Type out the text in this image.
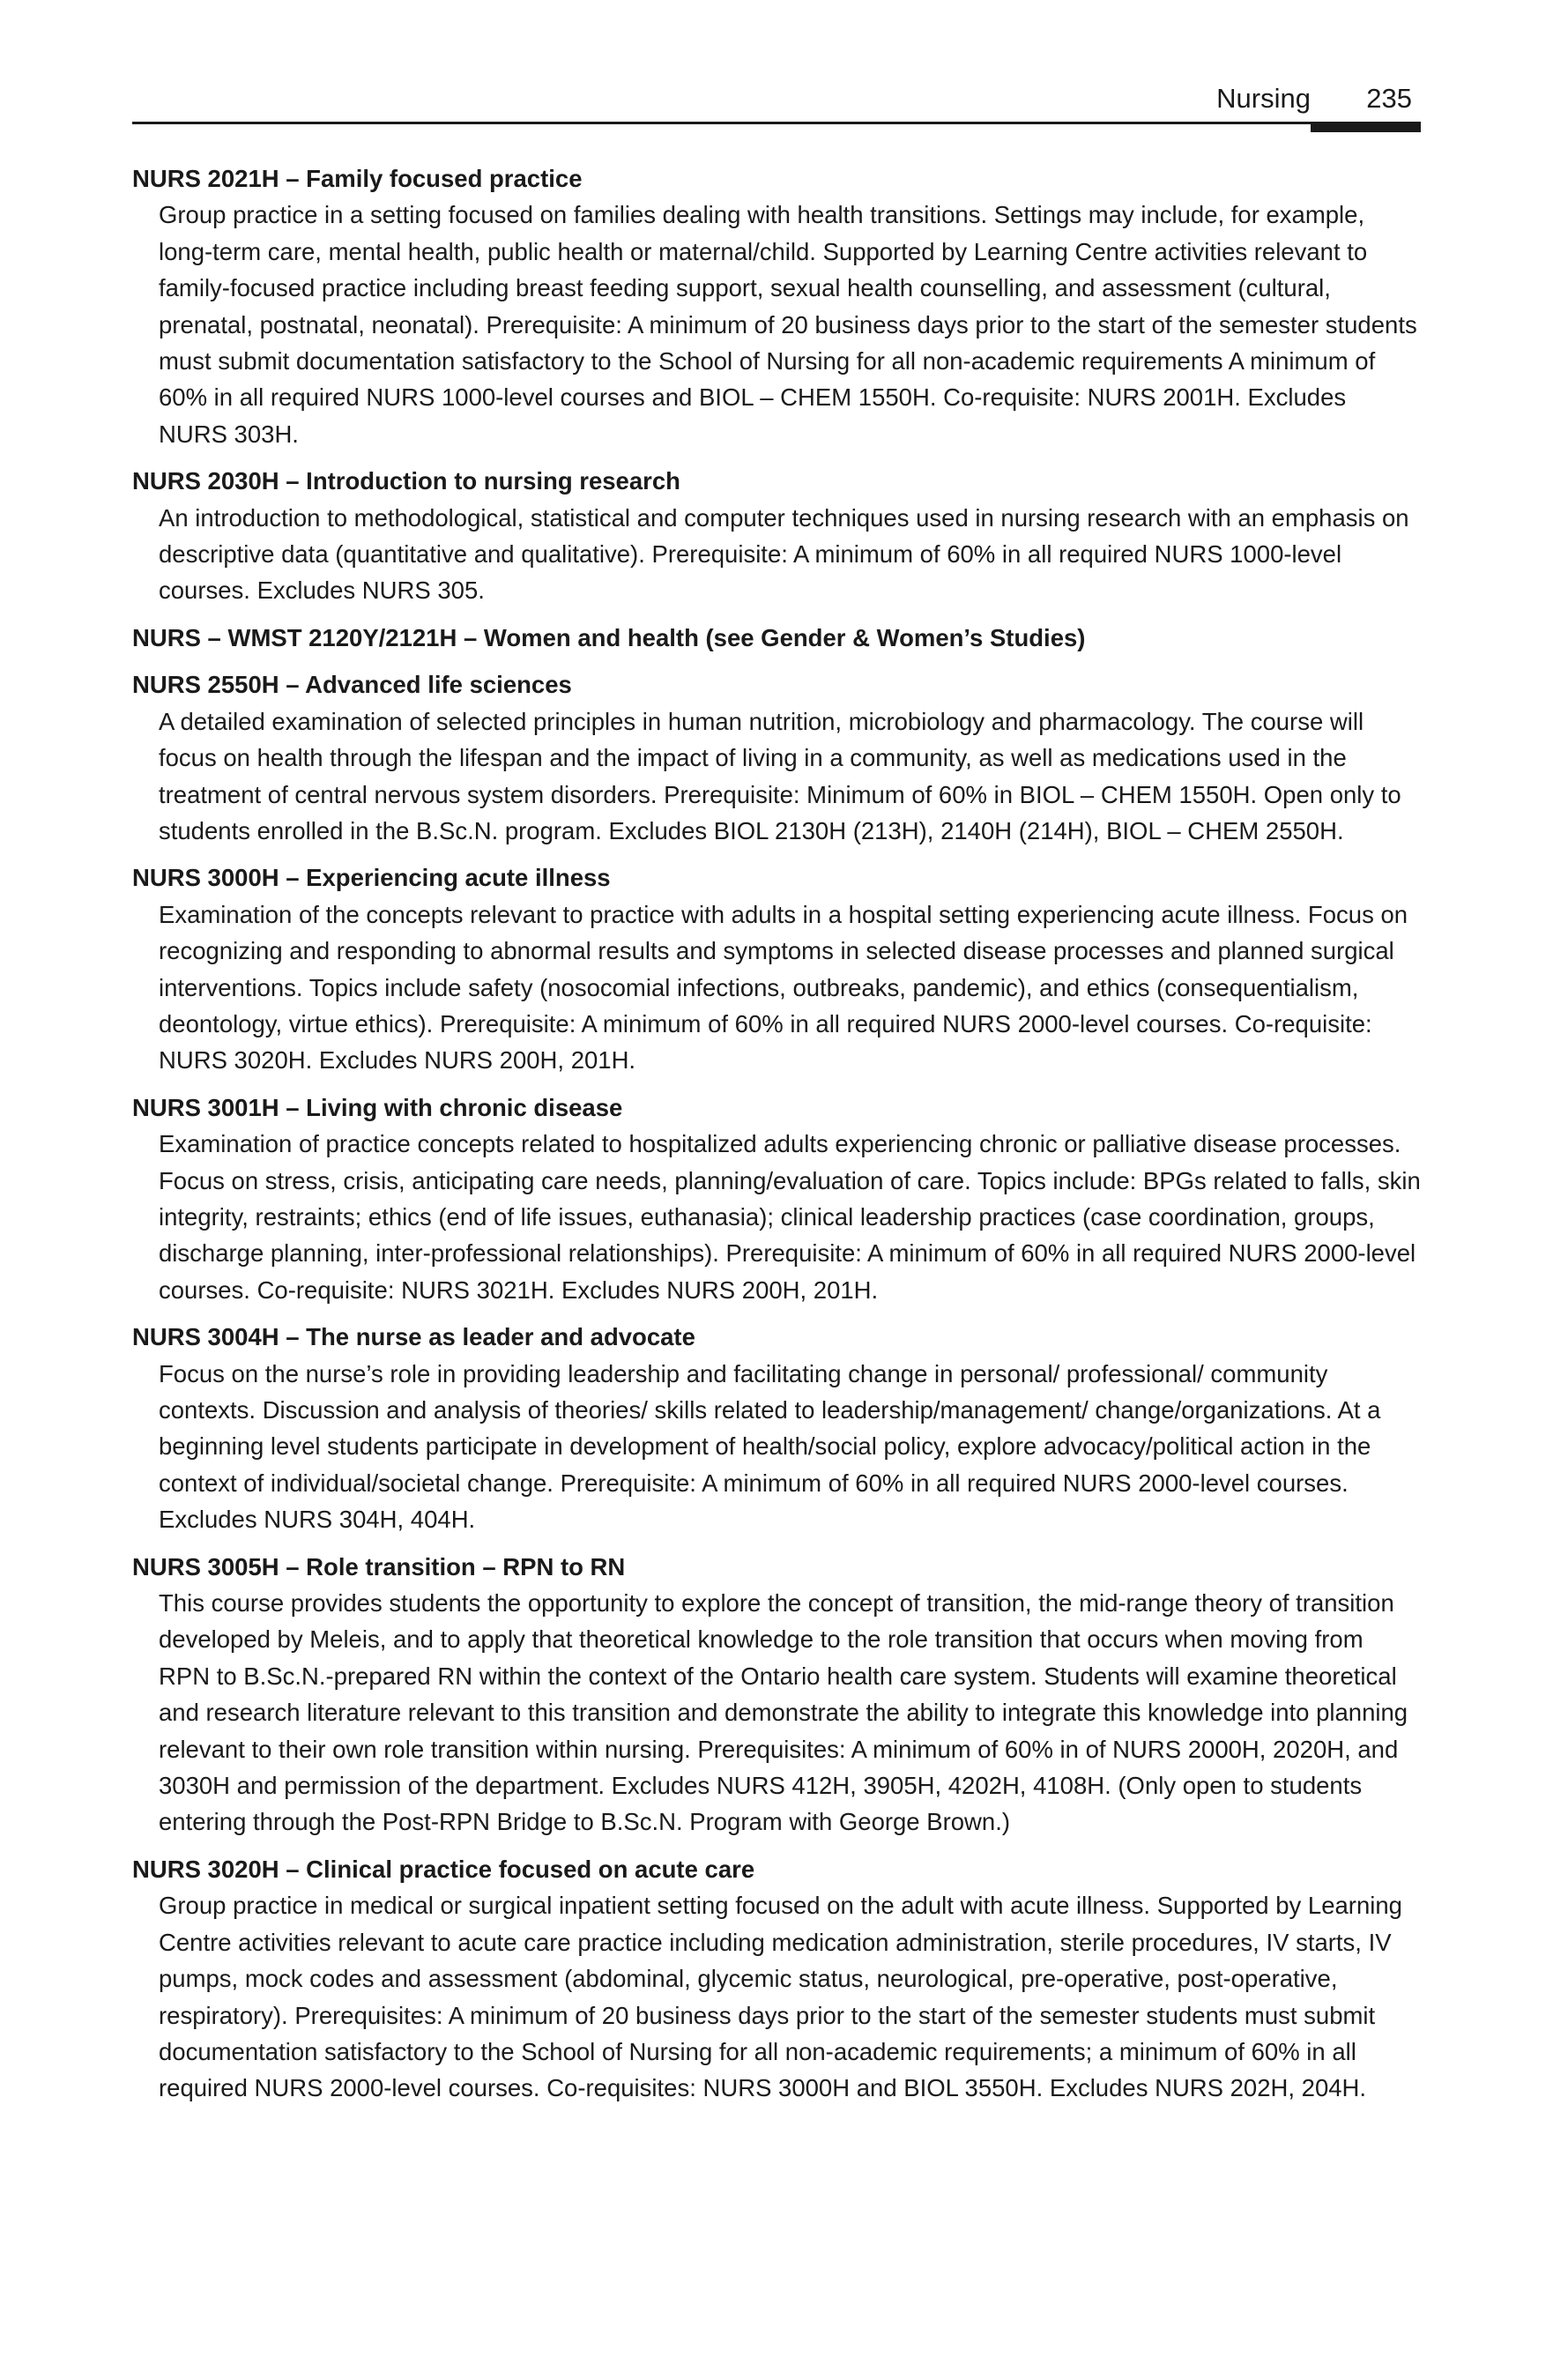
Nursing 235

NURS 2021H – Family focused practice

Group practice in a setting focused on families dealing with health transitions. Settings may include, for example, long-term care, mental health, public health or maternal/child. Supported by Learning Centre activities relevant to family-focused practice including breast feeding support, sexual health counselling, and assessment (cultural, prenatal, postnatal, neonatal). Prerequisite: A minimum of 20 business days prior to the start of the semester students must submit documentation satisfactory to the School of Nursing for all non-academic requirements A minimum of 60% in all required NURS 1000-level courses and BIOL – CHEM 1550H. Co-requisite: NURS 2001H. Excludes NURS 303H.

NURS 2030H – Introduction to nursing research

An introduction to methodological, statistical and computer techniques used in nursing research with an emphasis on descriptive data (quantitative and qualitative). Prerequisite: A minimum of 60% in all required NURS 1000-level courses. Excludes NURS 305.

NURS – WMST 2120Y/2121H – Women and health (see Gender & Women’s Studies)

NURS 2550H – Advanced life sciences

A detailed examination of selected principles in human nutrition, microbiology and pharmacology. The course will focus on health through the lifespan and the impact of living in a community, as well as medications used in the treatment of central nervous system disorders. Prerequisite: Minimum of 60% in BIOL – CHEM 1550H. Open only to students enrolled in the B.Sc.N. program. Excludes BIOL 2130H (213H), 2140H (214H), BIOL – CHEM 2550H.

NURS 3000H – Experiencing acute illness

Examination of the concepts relevant to practice with adults in a hospital setting experiencing acute illness. Focus on recognizing and responding to abnormal results and symptoms in selected disease processes and planned surgical interventions. Topics include safety (nosocomial infections, outbreaks, pandemic), and ethics (consequentialism, deontology, virtue ethics). Prerequisite: A minimum of 60% in all required NURS 2000-level courses. Co-requisite: NURS 3020H. Excludes NURS 200H, 201H.

NURS 3001H – Living with chronic disease

Examination of practice concepts related to hospitalized adults experiencing chronic or palliative disease processes. Focus on stress, crisis, anticipating care needs, planning/evaluation of care. Topics include: BPGs related to falls, skin integrity, restraints; ethics (end of life issues, euthanasia); clinical leadership practices (case coordination, groups, discharge planning, inter-professional relationships). Prerequisite: A minimum of 60% in all required NURS 2000-level courses. Co-requisite: NURS 3021H. Excludes NURS 200H, 201H.

NURS 3004H – The nurse as leader and advocate

Focus on the nurse’s role in providing leadership and facilitating change in personal/ professional/ community contexts. Discussion and analysis of theories/ skills related to leadership/management/ change/organizations. At a beginning level students participate in development of health/social policy, explore advocacy/political action in the context of individual/societal change. Prerequisite: A minimum of 60% in all required NURS 2000-level courses. Excludes NURS 304H, 404H.

NURS 3005H – Role transition – RPN to RN

This course provides students the opportunity to explore the concept of transition, the mid-range theory of transition developed by Meleis, and to apply that theoretical knowledge to the role transition that occurs when moving from RPN to B.Sc.N.-prepared RN within the context of the Ontario health care system. Students will examine theoretical and research literature relevant to this transition and demonstrate the ability to integrate this knowledge into planning relevant to their own role transition within nursing. Prerequisites: A minimum of 60% in of NURS 2000H, 2020H, and 3030H and permission of the department. Excludes NURS 412H, 3905H, 4202H, 4108H. (Only open to students entering through the Post-RPN Bridge to B.Sc.N. Program with George Brown.)

NURS 3020H – Clinical practice focused on acute care

Group practice in medical or surgical inpatient setting focused on the adult with acute illness. Supported by Learning Centre activities relevant to acute care practice including medication administration, sterile procedures, IV starts, IV pumps, mock codes and assessment (abdominal, glycemic status, neurological, pre-operative, post-operative, respiratory). Prerequisites: A minimum of 20 business days prior to the start of the semester students must submit documentation satisfactory to the School of Nursing for all non-academic requirements; a minimum of 60% in all required NURS 2000-level courses. Co-requisites: NURS 3000H and BIOL 3550H. Excludes NURS 202H, 204H.
